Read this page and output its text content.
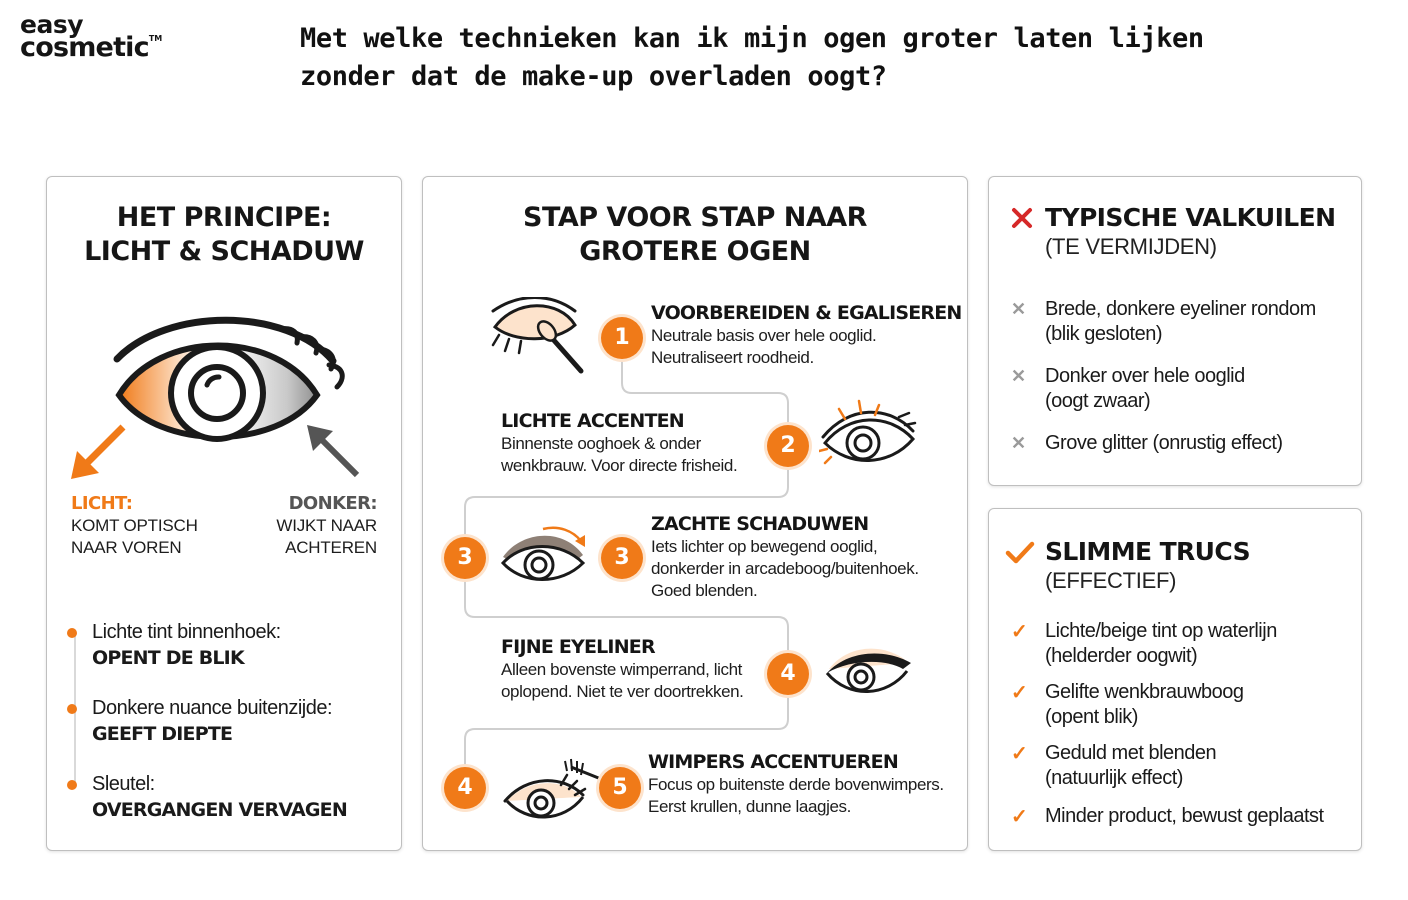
easy
cosmetic™	Met welke technieken kan ik mijn ogen groter laten lijken zonder dat de make-up overladen oogt?
HET PRINCIPE:
LICHT & SCHADUW
LICHT:
KOMT OPTISCH
NAAR VOREN
DONKER:
WIJKT NAAR
ACHTEREN
Lichte tint binnenhoek:
OPENT DE BLIK
Donkere nuance buitenzijde:
GEEFT DIEPTE
Sleutel:
OVERGANGEN VERVAGEN
STAP VOOR STAP NAAR
GROTERE OGEN
1
VOORBEREIDEN & EGALISEREN
Neutrale basis over hele ooglid.
Neutraliseert roodheid.
2
LICHTE ACCENTEN
Binnenste ooghoek & onder
wenkbrauw. Voor directe frisheid.
3	3
ZACHTE SCHADUWEN
Iets lichter op bewegend ooglid,
donkerder in arcadeboog/buitenhoek.
Goed blenden.
4
FIJNE EYELINER
Alleen bovenste wimperrand, licht
oplopend. Niet te ver doortrekken.
4	5
WIMPERS ACCENTUEREN
Focus op buitenste derde bovenwimpers.
Eerst krullen, dunne laagjes.
TYPISCHE VALKUILEN
(TE VERMIJDEN)
✕ Brede, donkere eyeliner rondom
(blik gesloten)
✕ Donker over hele ooglid
(oogt zwaar)
✕ Grove glitter (onrustig effect)
SLIMME TRUCS
(EFFECTIEF)
✓ Lichte/beige tint op waterlijn
(helderder oogwit)
✓ Gelifte wenkbrauwboog
(opent blik)
✓ Geduld met blenden
(natuurlijk effect)
✓ Minder product, bewust geplaatst
